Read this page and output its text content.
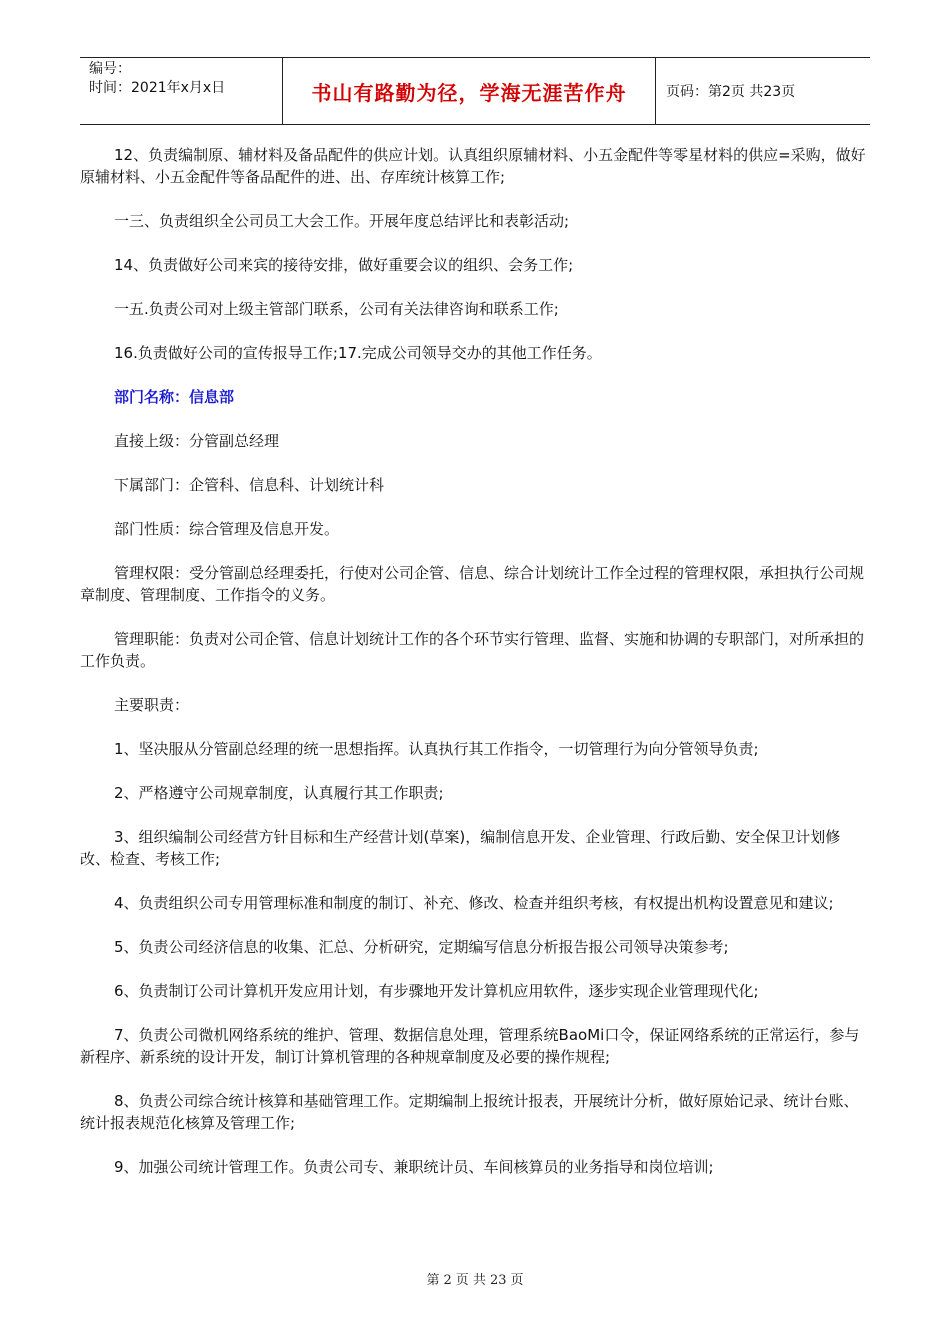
编号：
时间：2021年x月x日	书山有路勤为径，学海无涯苦作舟	页码：第2页 共23页

12、负责编制原、辅材料及备品配件的供应计划。认真组织原辅材料、小五金配件等零星材料的供应=采购，做好原辅材料、小五金配件等备品配件的进、出、存库统计核算工作;

一三、负责组织全公司员工大会工作。开展年度总结评比和表彰活动;

14、负责做好公司来宾的接待安排，做好重要会议的组织、会务工作;

一五.负责公司对上级主管部门联系，公司有关法律咨询和联系工作;

16.负责做好公司的宣传报导工作;17.完成公司领导交办的其他工作任务。

部门名称：信息部

直接上级：分管副总经理

下属部门：企管科、信息科、计划统计科

部门性质：综合管理及信息开发。

管理权限：受分管副总经理委托，行使对公司企管、信息、综合计划统计工作全过程的管理权限，承担执行公司规章制度、管理制度、工作指令的义务。

管理职能：负责对公司企管、信息计划统计工作的各个环节实行管理、监督、实施和协调的专职部门，对所承担的工作负责。

主要职责：

1、坚决服从分管副总经理的统一思想指挥。认真执行其工作指令，一切管理行为向分管领导负责;

2、严格遵守公司规章制度，认真履行其工作职责;

3、组织编制公司经营方针目标和生产经营计划(草案)，编制信息开发、企业管理、行政后勤、安全保卫计划修改、检查、考核工作;

4、负责组织公司专用管理标准和制度的制订、补充、修改、检查并组织考核，有权提出机构设置意见和建议;

5、负责公司经济信息的收集、汇总、分析研究，定期编写信息分析报告报公司领导决策参考;

6、负责制订公司计算机开发应用计划，有步骤地开发计算机应用软件，逐步实现企业管理现代化;

7、负责公司微机网络系统的维护、管理、数据信息处理，管理系统BaoMi口令，保证网络系统的正常运行，参与新程序、新系统的设计开发，制订计算机管理的各种规章制度及必要的操作规程;

8、负责公司综合统计核算和基础管理工作。定期编制上报统计报表，开展统计分析，做好原始记录、统计台账、统计报表规范化核算及管理工作;

9、加强公司统计管理工作。负责公司专、兼职统计员、车间核算员的业务指导和岗位培训;

第 2 页 共 23 页
